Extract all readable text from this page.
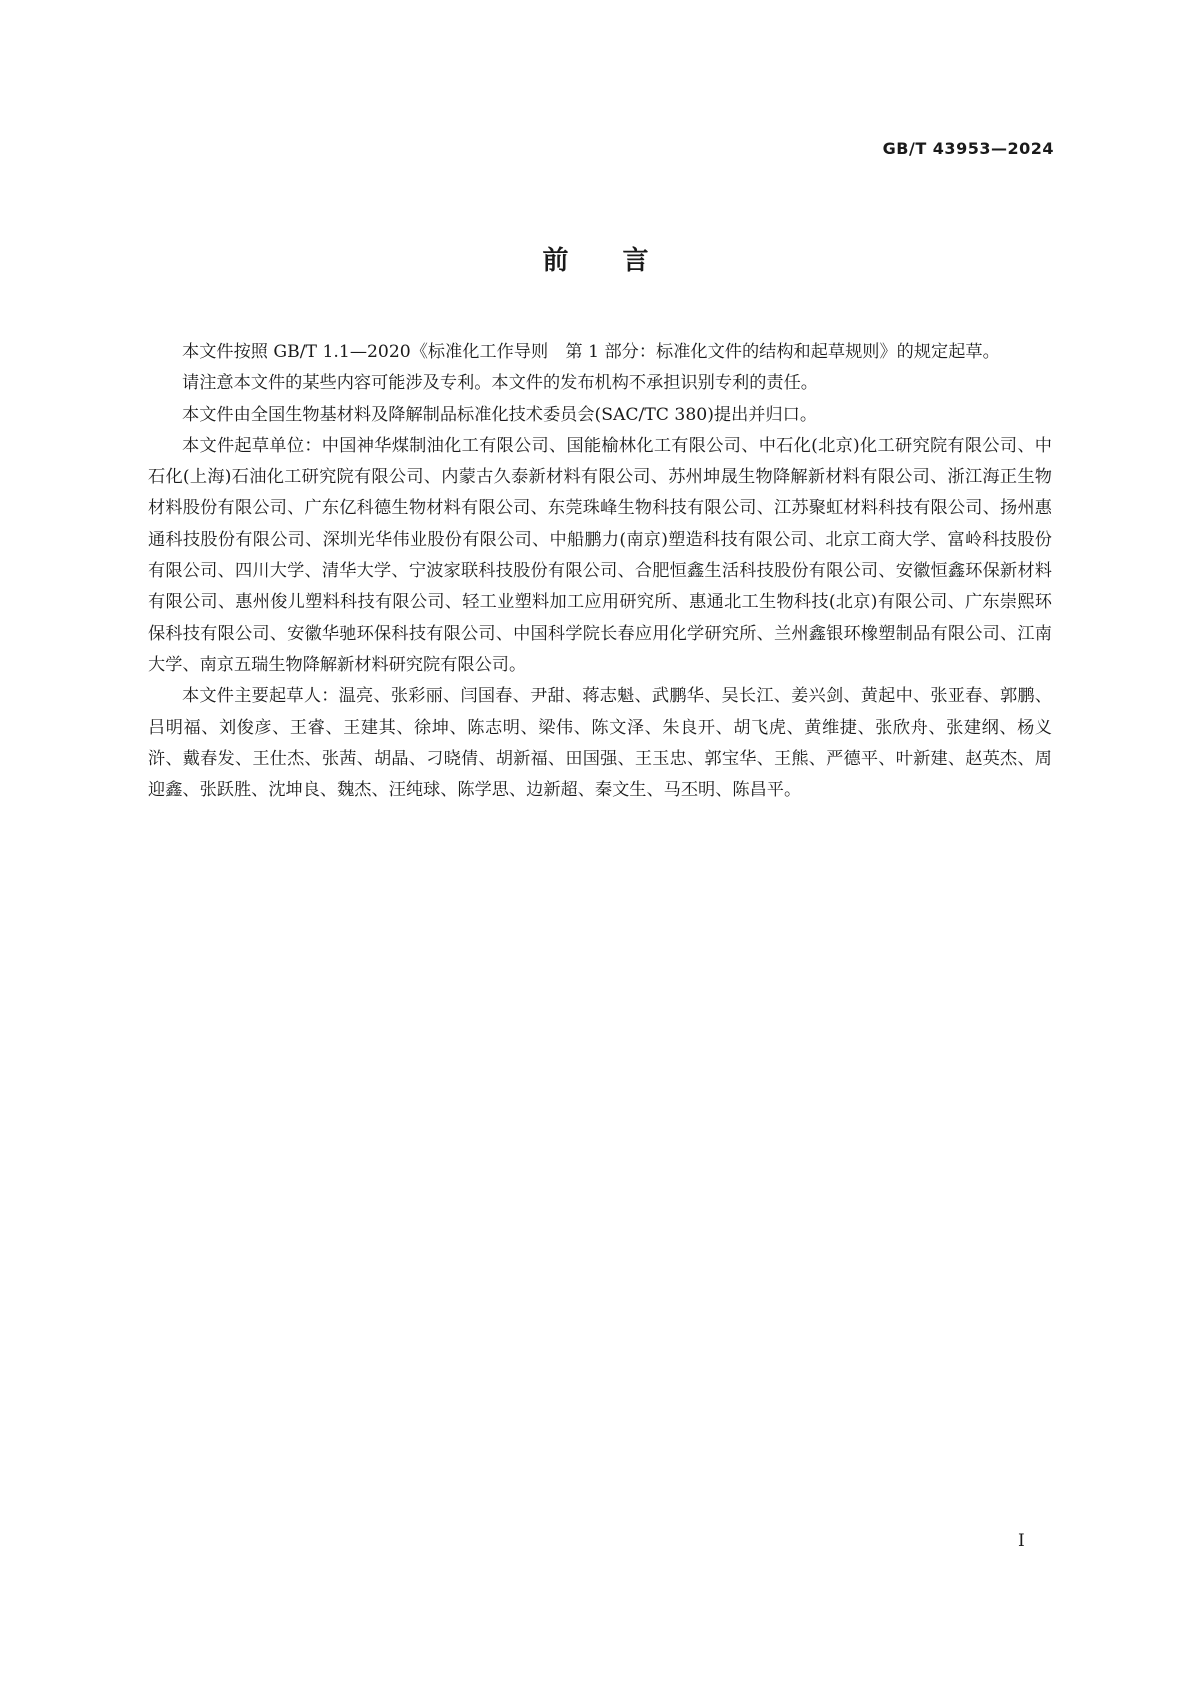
GB/T 43953—2024
前言

本文件按照 GB/T 1.1—2020《标准化工作导则　第 1 部分：标准化文件的结构和起草规则》的规定起草。

请注意本文件的某些内容可能涉及专利。本文件的发布机构不承担识别专利的责任。

本文件由全国生物基材料及降解制品标准化技术委员会(SAC/TC 380)提出并归口。

本文件起草单位：中国神华煤制油化工有限公司、国能榆林化工有限公司、中石化(北京)化工研究院有限公司、中石化(上海)石油化工研究院有限公司、内蒙古久泰新材料有限公司、苏州坤晟生物降解新材料有限公司、浙江海正生物材料股份有限公司、广东亿科德生物材料有限公司、东莞珠峰生物科技有限公司、江苏聚虹材料科技有限公司、扬州惠通科技股份有限公司、深圳光华伟业股份有限公司、中船鹏力(南京)塑造科技有限公司、北京工商大学、富岭科技股份有限公司、四川大学、清华大学、宁波家联科技股份有限公司、合肥恒鑫生活科技股份有限公司、安徽恒鑫环保新材料有限公司、惠州俊儿塑料科技有限公司、轻工业塑料加工应用研究所、惠通北工生物科技(北京)有限公司、广东崇熙环保科技有限公司、安徽华驰环保科技有限公司、中国科学院长春应用化学研究所、兰州鑫银环橡塑制品有限公司、江南大学、南京五瑞生物降解新材料研究院有限公司。

本文件主要起草人：温亮、张彩丽、闫国春、尹甜、蒋志魁、武鹏华、吴长江、姜兴剑、黄起中、张亚春、郭鹏、吕明福、刘俊彦、王睿、王建其、徐坤、陈志明、梁伟、陈文泽、朱良开、胡飞虎、黄维捷、张欣舟、张建纲、杨义浒、戴春发、王仕杰、张茜、胡晶、刁晓倩、胡新福、田国强、王玉忠、郭宝华、王熊、严德平、叶新建、赵英杰、周迎鑫、张跃胜、沈坤良、魏杰、汪纯球、陈学思、边新超、秦文生、马丕明、陈昌平。

I
